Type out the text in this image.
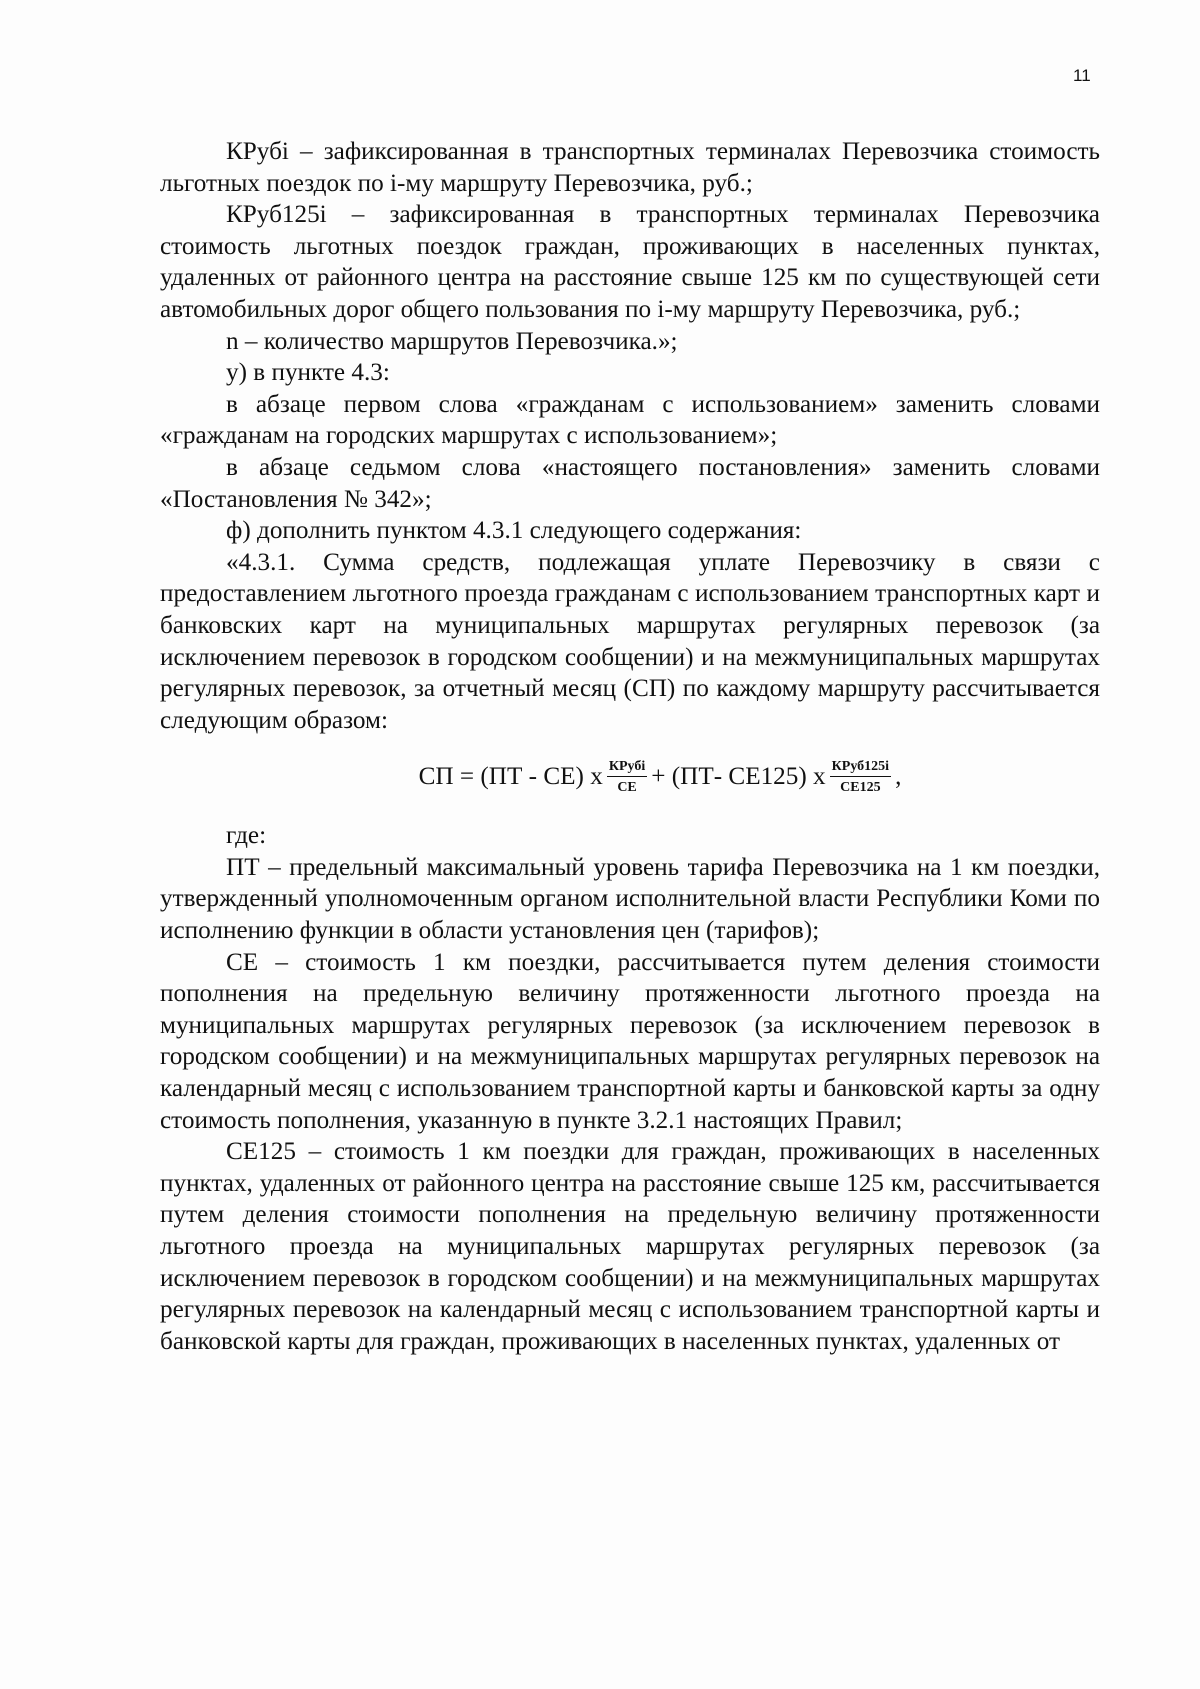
11

КРубi – зафиксированная в транспортных терминалах Перевозчика стоимость льготных поездок по i-му маршруту Перевозчика, руб.;

КРуб125i – зафиксированная в транспортных терминалах Перевозчика стоимость льготных поездок граждан, проживающих в населенных пунктах, удаленных от районного центра на расстояние свыше 125 км по существующей сети автомобильных дорог общего пользования по i-му маршруту Перевозчика, руб.;

n – количество маршрутов Перевозчика.»;

у) в пункте 4.3:

в абзаце первом слова «гражданам с использованием» заменить словами «гражданам на городских маршрутах с использованием»;

в абзаце седьмом слова «настоящего постановления» заменить словами «Постановления № 342»;

ф) дополнить пунктом 4.3.1 следующего содержания:

«4.3.1. Сумма средств, подлежащая уплате Перевозчику в связи с предоставлением льготного проезда гражданам с использованием транспортных карт и банковских карт на муниципальных маршрутах регулярных перевозок (за исключением перевозок в городском сообщении) и на межмуниципальных маршрутах регулярных перевозок, за отчетный месяц (СП) по каждому маршруту рассчитывается следующим образом:

СП = (ПТ - СЕ) х $\frac{\text{КРубi}}{СЕ} + (ПТ-$ СЕ125) х $\frac{\text{КРуб125i}}{СЕ125}$ ,

где:

ПТ – предельный максимальный уровень тарифа Перевозчика на 1 км поездки, утвержденный уполномоченным органом исполнительной власти Республики Коми по исполнению функции в области установления цен (тарифов);

СЕ – стоимость 1 км поездки, рассчитывается путем деления стоимости пополнения на предельную величину протяженности льготного проезда на муниципальных маршрутах регулярных перевозок (за исключением перевозок в городском сообщении) и на межмуниципальных маршрутах регулярных перевозок на календарный месяц с использованием транспортной карты и банковской карты за одну стоимость пополнения, указанную в пункте 3.2.1 настоящих Правил;

СЕ125 – стоимость 1 км поездки для граждан, проживающих в населенных пунктах, удаленных от районного центра на расстояние свыше 125 км, рассчитывается путем деления стоимости пополнения на предельную величину протяженности льготного проезда на муниципальных маршрутах регулярных перевозок (за исключением перевозок в городском сообщении) и на межмуниципальных маршрутах регулярных перевозок на календарный месяц с использованием транспортной карты и банковской карты для граждан, проживающих в населенных пунктах, удаленных от
